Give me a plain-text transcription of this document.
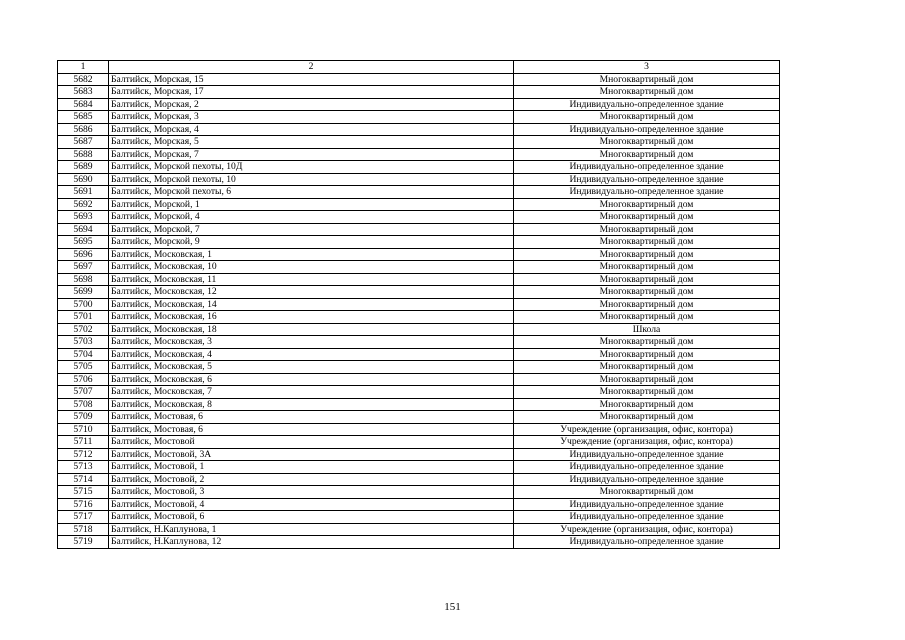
1	2	3
5682	Балтийск, Морская, 15	Многоквартирный дом
5683	Балтийск, Морская, 17	Многоквартирный дом
5684	Балтийск, Морская, 2	Индивидуально-определенное здание
5685	Балтийск, Морская, 3	Многоквартирный дом
5686	Балтийск, Морская, 4	Индивидуально-определенное здание
5687	Балтийск, Морская, 5	Многоквартирный дом
5688	Балтийск, Морская, 7	Многоквартирный дом
5689	Балтийск, Морской пехоты, 10Д	Индивидуально-определенное здание
5690	Балтийск, Морской пехоты, 10	Индивидуально-определенное здание
5691	Балтийск, Морской пехоты, 6	Индивидуально-определенное здание
5692	Балтийск, Морской, 1	Многоквартирный дом
5693	Балтийск, Морской, 4	Многоквартирный дом
5694	Балтийск, Морской, 7	Многоквартирный дом
5695	Балтийск, Морской, 9	Многоквартирный дом
5696	Балтийск, Московская, 1	Многоквартирный дом
5697	Балтийск, Московская, 10	Многоквартирный дом
5698	Балтийск, Московская, 11	Многоквартирный дом
5699	Балтийск, Московская, 12	Многоквартирный дом
5700	Балтийск, Московская, 14	Многоквартирный дом
5701	Балтийск, Московская, 16	Многоквартирный дом
5702	Балтийск, Московская, 18	Школа
5703	Балтийск, Московская, 3	Многоквартирный дом
5704	Балтийск, Московская, 4	Многоквартирный дом
5705	Балтийск, Московская, 5	Многоквартирный дом
5706	Балтийск, Московская, 6	Многоквартирный дом
5707	Балтийск, Московская, 7	Многоквартирный дом
5708	Балтийск, Московская, 8	Многоквартирный дом
5709	Балтийск, Мостовая, 6	Многоквартирный дом
5710	Балтийск, Мостовая, 6	Учреждение (организация, офис, контора)
5711	Балтийск, Мостовой	Учреждение (организация, офис, контора)
5712	Балтийск, Мостовой, 3А	Индивидуально-определенное здание
5713	Балтийск, Мостовой, 1	Индивидуально-определенное здание
5714	Балтийск, Мостовой, 2	Индивидуально-определенное здание
5715	Балтийск, Мостовой, 3	Многоквартирный дом
5716	Балтийск, Мостовой, 4	Индивидуально-определенное здание
5717	Балтийск, Мостовой, 6	Индивидуально-определенное здание
5718	Балтийск, Н.Каплунова, 1	Учреждение (организация, офис, контора)
5719	Балтийск, Н.Каплунова, 12	Индивидуально-определенное здание
151
